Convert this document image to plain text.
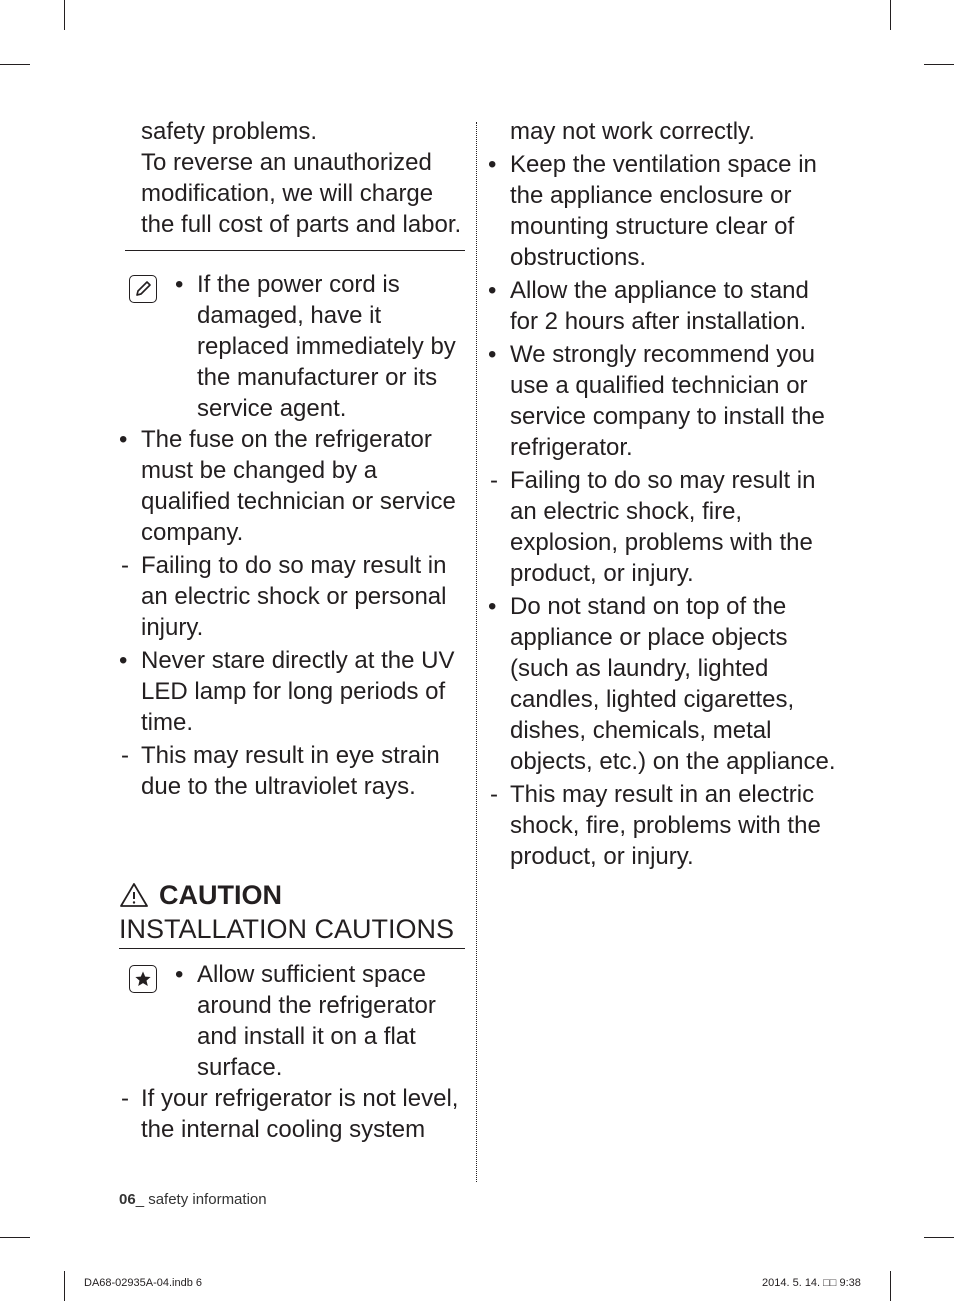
safety problems.

To reverse an unauthorized modification, we will charge the full cost of parts and labor.

• If the power cord is damaged, have it replaced immediately by the manufacturer or its service agent.

• The fuse on the refrigerator must be changed by a qualified technician or service company.

- Failing to do so may result in an electric shock or personal injury.

• Never stare directly at the UV LED lamp for long periods of time.

- This may result in eye strain due to the ultraviolet rays.

CAUTION

INSTALLATION CAUTIONS

• Allow sufficient space around the refrigerator and install it on a flat surface.

- If your refrigerator is not level, the internal cooling system

may not work correctly.

• Keep the ventilation space in the appliance enclosure or mounting structure clear of obstructions.

• Allow the appliance to stand for 2 hours after installation.

• We strongly recommend you use a qualified technician or service company to install the refrigerator.

- Failing to do so may result in an electric shock, fire, explosion, problems with the product, or injury.

• Do not stand on top of the appliance or place objects (such as laundry, lighted candles, lighted cigarettes, dishes, chemicals, metal objects, etc.) on the appliance.

- This may result in an electric shock, fire, problems with the product, or injury.

06_ safety information
DA68-02935A-04.indb 6	2014. 5. 14. □□ 9:38
